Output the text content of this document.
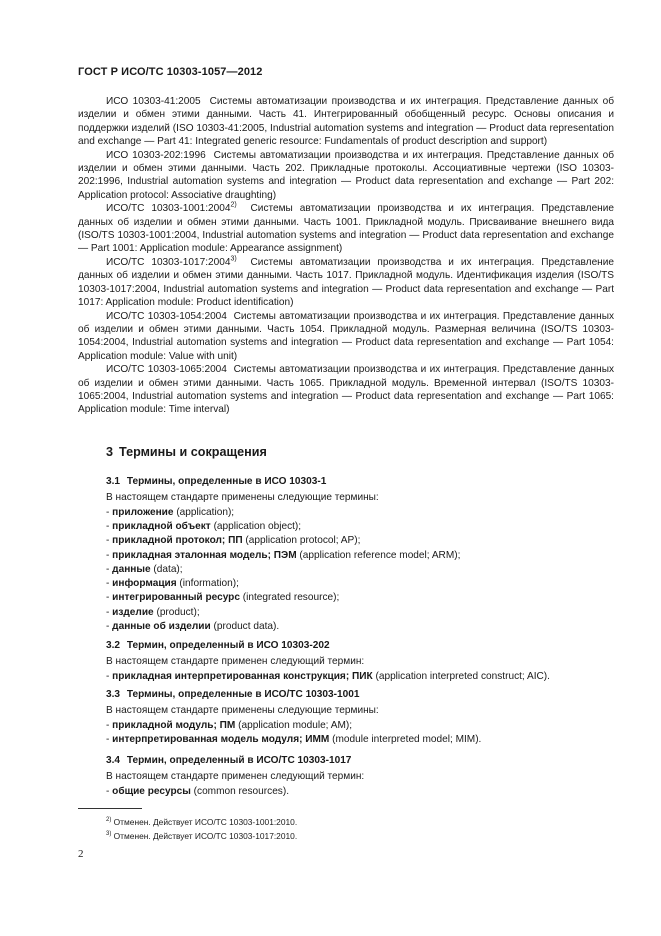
ГОСТ Р ИСО/ТС 10303-1057—2012

ИСО 10303-41:2005 Системы автоматизации производства и их интеграция. Представление данных об изделии и обмен этими данными. Часть 41. Интегрированный обобщенный ресурс. Основы описания и поддержки изделий (ISO 10303-41:2005, Industrial automation systems and integration — Product data representation and exchange — Part 41: Integrated generic resource: Fundamentals of product description and support)

ИСО 10303-202:1996 Системы автоматизации производства и их интеграция. Представление данных об изделии и обмен этими данными. Часть 202. Прикладные протоколы. Ассоциативные чертежи (ISO 10303-202:1996, Industrial automation systems and integration — Product data representation and exchange — Part 202: Application protocol: Associative draughting)

ИСО/ТС 10303-1001:2004$^{2)}$ Системы автоматизации производства и их интеграция. Представление данных об изделии и обмен этими данными. Часть 1001. Прикладной модуль. Присваивание внешнего вида (ISO/TS 10303-1001:2004, Industrial automation systems and integration — Product data representation and exchange — Part 1001: Application module: Appearance assignment)

ИСО/ТС 10303-1017:2004$^{3)}$ Системы автоматизации производства и их интеграция. Представление данных об изделии и обмен этими данными. Часть 1017. Прикладной модуль. Идентификация изделия (ISO/TS 10303-1017:2004, Industrial automation systems and integration — Product data representation and exchange — Part 1017: Application module: Product identification)

ИСО/ТС 10303-1054:2004 Системы автоматизации производства и их интеграция. Представление данных об изделии и обмен этими данными. Часть 1054. Прикладной модуль. Размерная величина (ISO/TS 10303-1054:2004, Industrial automation systems and integration — Product data representation and exchange — Part 1054: Application module: Value with unit)

ИСО/ТС 10303-1065:2004 Системы автоматизации производства и их интеграция. Представление данных об изделии и обмен этими данными. Часть 1065. Прикладной модуль. Временной интервал (ISO/TS 10303-1065:2004, Industrial automation systems and integration — Product data representation and exchange — Part 1065: Application module: Time interval)

3 Термины и сокращения

3.1 Термины, определенные в ИСО 10303-1

В настоящем стандарте применены следующие термины:

- приложение (application);

- прикладной объект (application object);

- прикладной протокол; ПП (application protocol; AP);

- прикладная эталонная модель; ПЭМ (application reference model; ARM);

- данные (data);

- информация (information);

- интегрированный ресурс (integrated resource);

- изделие (product);

- данные об изделии (product data).

3.2 Термин, определенный в ИСО 10303-202

В настоящем стандарте применен следующий термин:

- прикладная интерпретированная конструкция; ПИК (application interpreted construct; AIC).

3.3 Термины, определенные в ИСО/ТС 10303-1001

В настоящем стандарте применены следующие термины:

- прикладной модуль; ПМ (application module; AM);

- интерпретированная модель модуля; ИММ (module interpreted model; MIM).

3.4 Термин, определенный в ИСО/ТС 10303-1017

В настоящем стандарте применен следующий термин:

- общие ресурсы (common resources).

$^{2)}$ Отменен. Действует ИСО/ТС 10303-1001:2010.

$^{3)}$ Отменен. Действует ИСО/ТС 10303-1017:2010.

2
